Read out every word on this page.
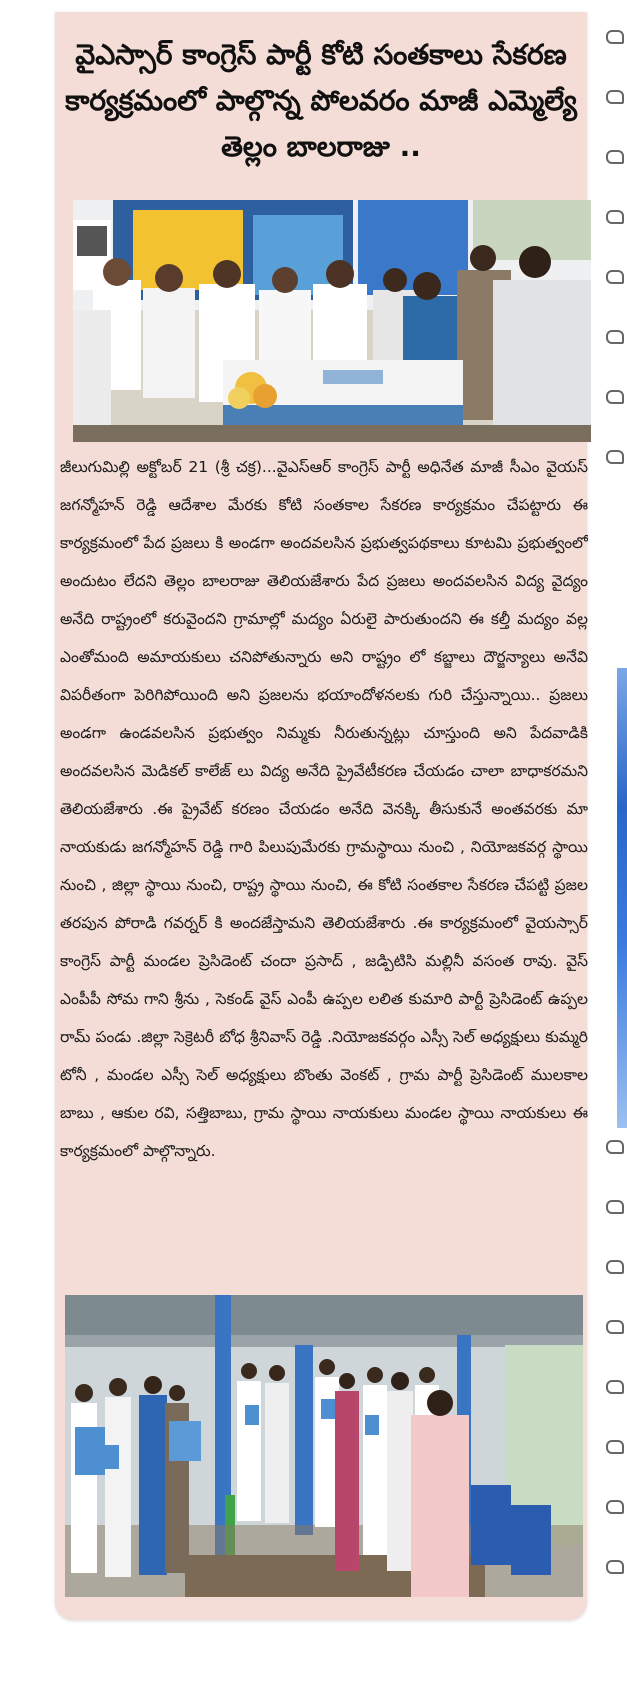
వైఎస్సార్ కాంగ్రెస్ పార్టీ కోటి సంతకాలు సేకరణ కార్యక్రమంలో పాల్గొన్న పోలవరం మాజీ ఎమ్మెల్యే తెల్లం బాలరాజు ..

జీలుగుమిల్లి అక్టోబర్ 21 (శ్రీ చక్ర)...వైఎస్ఆర్ కాంగ్రెస్ పార్టీ అధినేత మాజీ సీఎం వైయస్ జగన్మోహన్ రెడ్డి ఆదేశాల మేరకు కోటి సంతకాల సేకరణ కార్యక్రమం చేపట్టారు ఈ కార్యక్రమంలో పేద ప్రజలు కి అండగా అందవలసిన ప్రభుత్వపథకాలు కూటమి ప్రభుత్వంలో అందుటం లేదని తెల్లం బాలరాజు తెలియజేశారు పేద ప్రజలు అందవలసిన విద్య వైద్యం అనేది రాష్ట్రంలో కరువైందని గ్రామాల్లో మద్యం ఏరులై పారుతుందని ఈ కల్తీ మద్యం వల్ల ఎంతోమంది అమాయకులు చనిపోతున్నారు అని రాష్ట్రం లో కబ్జాలు దౌర్జన్యాలు అనేవి విపరీతంగా పెరిగిపోయింది అని ప్రజలను భయాందోళనలకు గురి చేస్తున్నాయి.. ప్రజలు అండగా ఉండవలసిన ప్రభుత్వం నిమ్మకు నీరుతున్నట్లు చూస్తుంది అని పేదవాడికి అందవలసిన మెడికల్ కాలేజ్ లు విద్య అనేది ప్రైవేటీకరణ చేయడం చాలా బాధాకరమని తెలియజేశారు .ఈ ప్రైవేట్ కరణం చేయడం అనేది వెనక్కి తీసుకునే అంతవరకు మా నాయకుడు జగన్మోహన్ రెడ్డి గారి పిలుపుమేరకు గ్రామస్థాయి నుంచి , నియోజకవర్గ స్థాయి నుంచి , జిల్లా స్థాయి నుంచి, రాష్ట్ర స్థాయి నుంచి, ఈ కోటి సంతకాల సేకరణ చేపట్టి ప్రజల తరపున పోరాడి గవర్నర్ కి అందజేస్తామని తెలియజేశారు .ఈ కార్యక్రమంలో వైయస్సార్ కాంగ్రెస్ పార్టీ మండల ప్రెసిడెంట్ చందా ప్రసాద్ , జడ్పిటిసి మల్లినీ వసంత రావు. వైస్ ఎంపీపీ సోమ గాని శ్రీను , సెకండ్ వైస్ ఎంపీ ఉప్పల లలిత కుమారి పార్టీ ప్రెసిడెంట్ ఉప్పల రామ్ పండు .జిల్లా సెక్రెటరీ బోధ శ్రీనివాస్ రెడ్డి .నియోజకవర్గం ఎస్సీ సెల్ అధ్యక్షులు కుమ్మరి టోనీ , మండల ఎస్సీ సెల్ అధ్యక్షులు బొంతు వెంకట్ , గ్రామ పార్టీ ప్రెసిడెంట్ ములకాల బాబు , ఆకుల రవి, సత్తిబాబు, గ్రామ స్థాయి నాయకులు మండల స్థాయి నాయకులు ఈ కార్యక్రమంలో పాల్గొన్నారు.
